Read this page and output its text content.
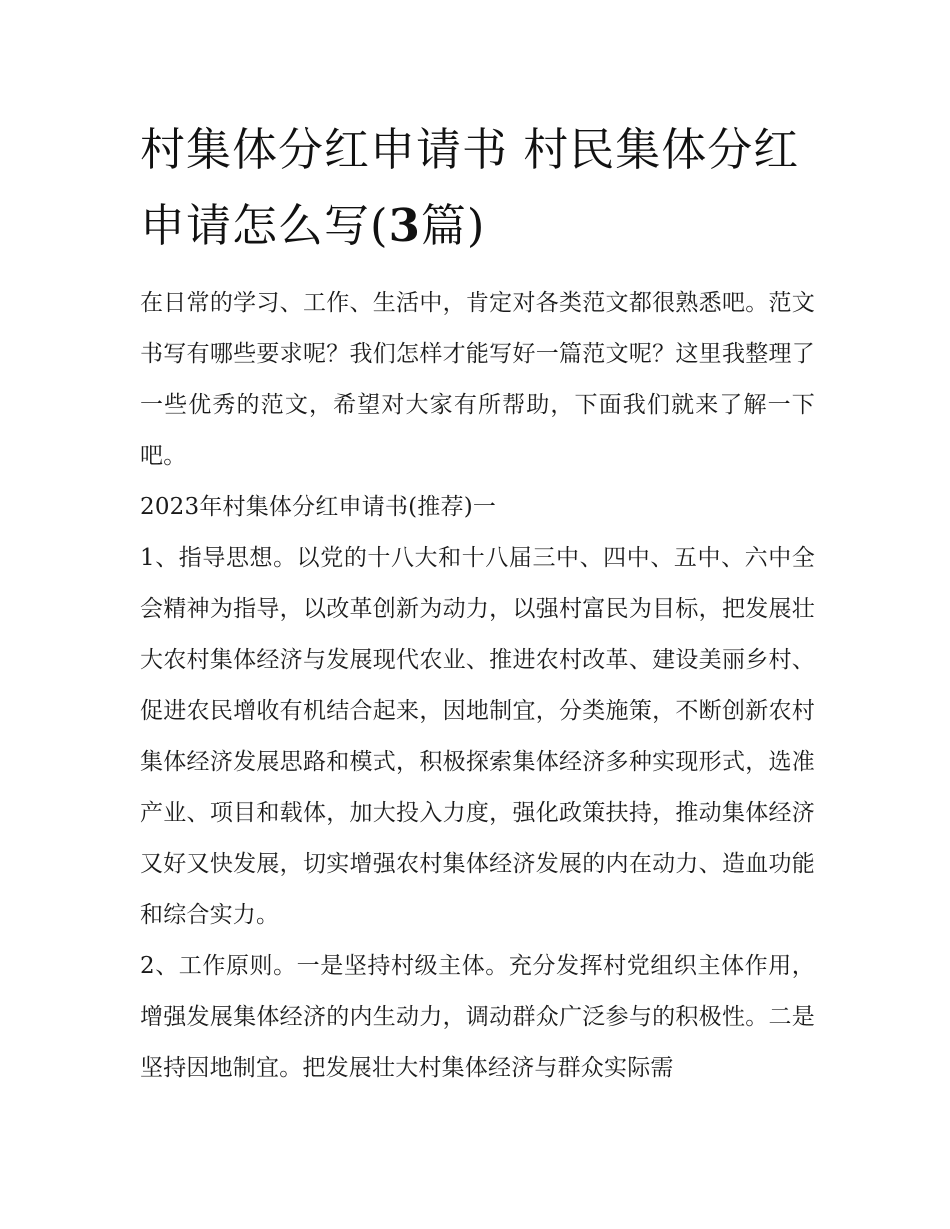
村集体分红申请书 村民集体分红申请怎么写(3篇)

在日常的学习、工作、生活中，肯定对各类范文都很熟悉吧。范文书写有哪些要求呢？我们怎样才能写好一篇范文呢？这里我整理了一些优秀的范文，希望对大家有所帮助，下面我们就来了解一下吧。

2023年村集体分红申请书(推荐)一

1、指导思想。以党的十八大和十八届三中、四中、五中、六中全会精神为指导，以改革创新为动力，以强村富民为目标，把发展壮大农村集体经济与发展现代农业、推进农村改革、建设美丽乡村、促进农民增收有机结合起来，因地制宜，分类施策，不断创新农村集体经济发展思路和模式，积极探索集体经济多种实现形式，选准产业、项目和载体，加大投入力度，强化政策扶持，推动集体经济又好又快发展，切实增强农村集体经济发展的内在动力、造血功能和综合实力。

2、工作原则。一是坚持村级主体。充分发挥村党组织主体作用，增强发展集体经济的内生动力，调动群众广泛参与的积极性。二是坚持因地制宜。把发展壮大村集体经济与群众实际需
